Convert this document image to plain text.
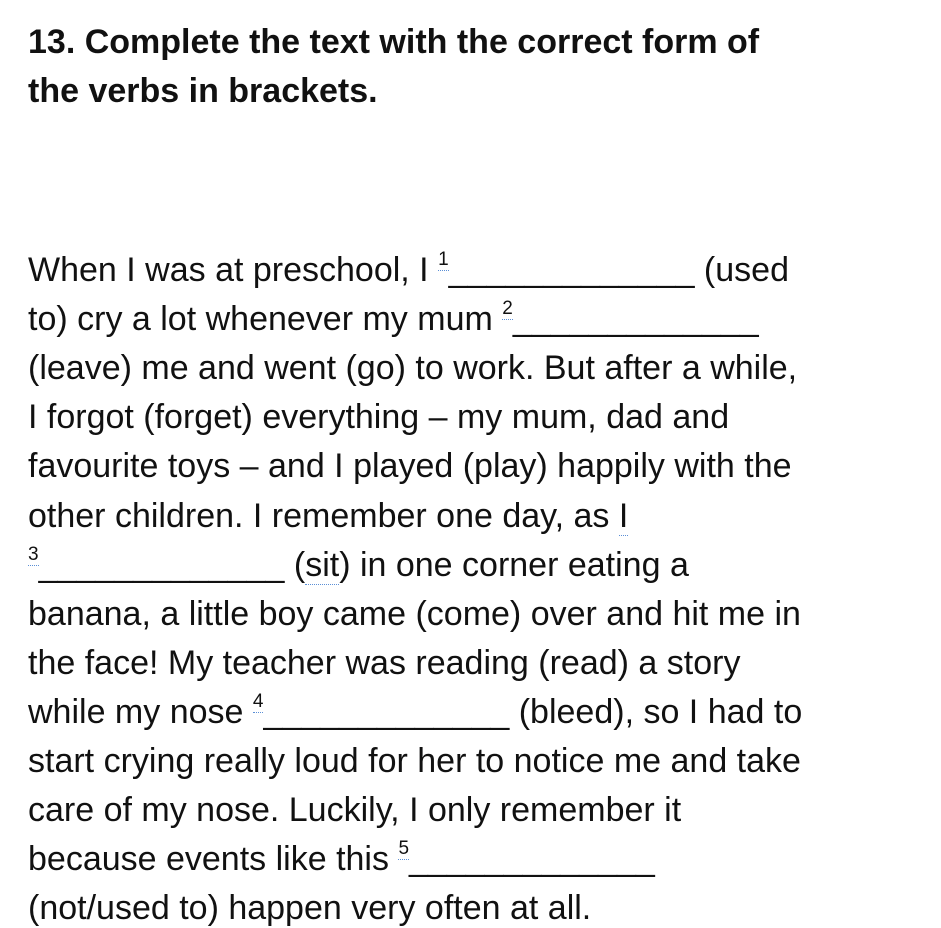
13. Complete the text with the correct form of
the verbs in brackets.
When I was at preschool, I $^1$_____________ (used
to) cry a lot whenever my mum $^2$_____________
(leave) me and went (go) to work. But after a while,
I forgot (forget) everything – my mum, dad and
favourite toys – and I played (play) happily with the
other children. I remember one day, as I
$^3$_____________ (sit) in one corner eating a
banana, a little boy came (come) over and hit me in
the face! My teacher was reading (read) a story
while my nose $^4$_____________ (bleed), so I had to
start crying really loud for her to notice me and take
care of my nose. Luckily, I only remember it
because events like this $^5$_____________
(not/used to) happen very often at all.
